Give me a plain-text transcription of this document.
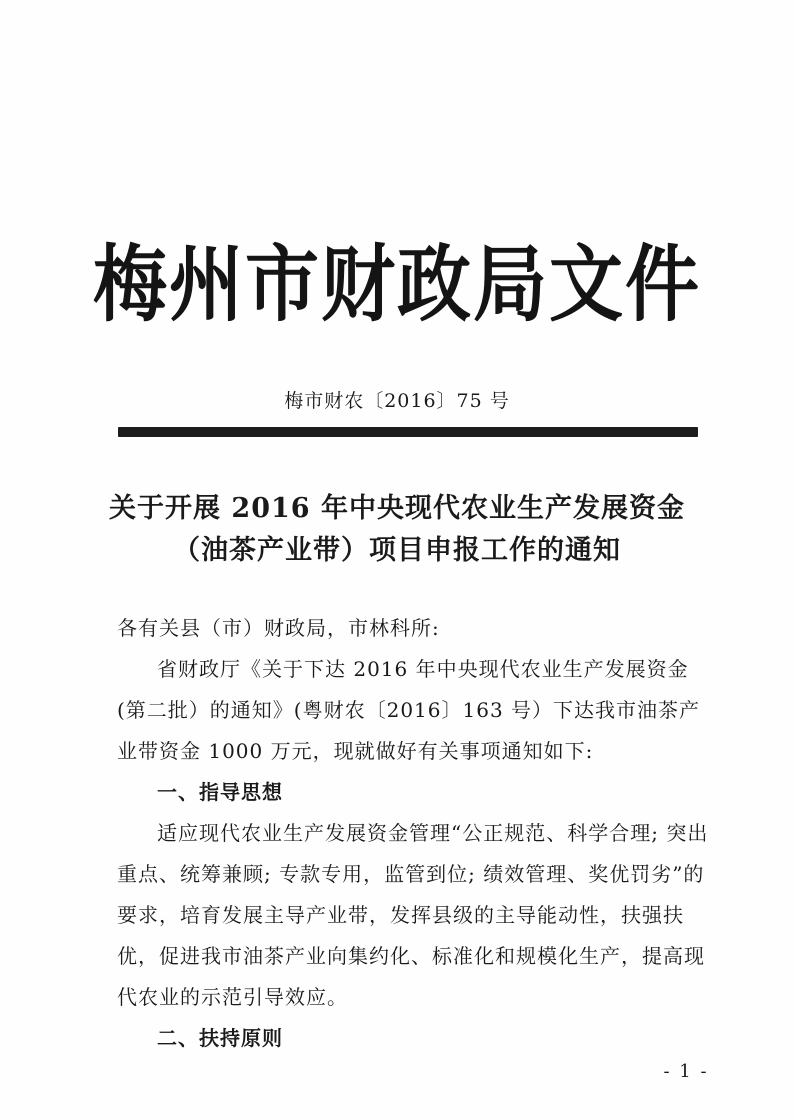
梅州市财政局文件
梅市财农〔2016〕75 号
关于开展 2016 年中央现代农业生产发展资金
（油茶产业带）项目申报工作的通知

各有关县（市）财政局，市林科所:

省财政厅《关于下达 2016 年中央现代农业生产发展资金(第二批）的通知》(粤财农〔2016〕163 号）下达我市油茶产业带资金 1000 万元，现就做好有关事项通知如下:

一、指导思想

适应现代农业生产发展资金管理“公正规范、科学合理; 突出重点、统筹兼顾; 专款专用，监管到位; 绩效管理、奖优罚劣”的要求，培育发展主导产业带，发挥县级的主导能动性，扶强扶优，促进我市油茶产业向集约化、标准化和规模化生产，提高现代农业的示范引导效应。

二、扶持原则

- 1 -
